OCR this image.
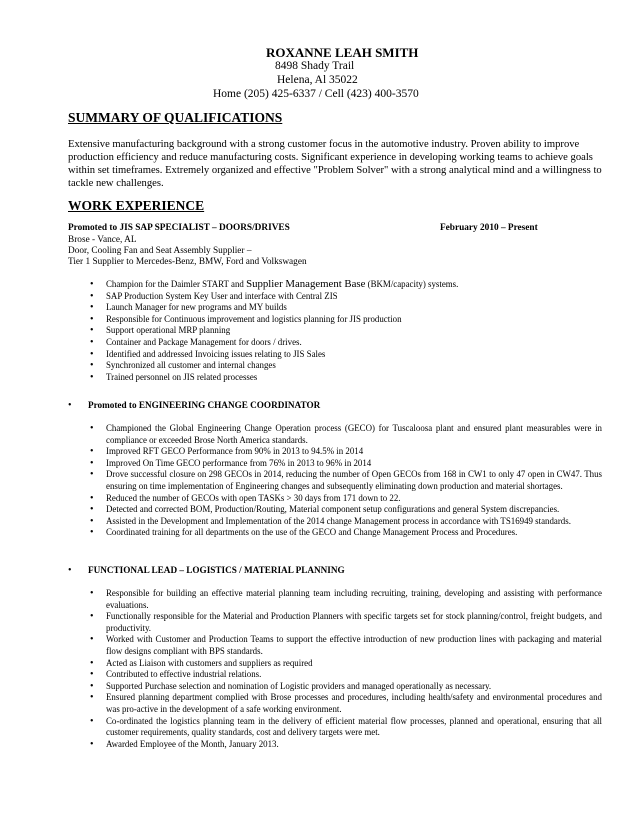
ROXANNE LEAH SMITH
8498 Shady Trail
Helena, Al 35022
Home (205) 425-6337 / Cell (423) 400-3570
SUMMARY OF QUALIFICATIONS
Extensive manufacturing background with a strong customer focus in the automotive industry. Proven ability to improve production efficiency and reduce manufacturing costs. Significant experience in developing working teams to achieve goals within set timeframes. Extremely organized and effective "Problem Solver" with a strong analytical mind and a willingness to tackle new challenges.
WORK EXPERIENCE
Promoted to JIS SAP SPECIALIST – DOORS/DRIVES	February 2010 – Present
Brose - Vance, AL
Door, Cooling Fan and Seat Assembly Supplier –
Tier 1 Supplier to Mercedes-Benz, BMW, Ford and Volkswagen
• Champion for the Daimler START and Supplier Management Base (BKM/capacity) systems.
• SAP Production System Key User and interface with Central ZIS
• Launch Manager for new programs and MY builds
• Responsible for Continuous improvement and logistics planning for JIS production
• Support operational MRP planning
• Container and Package Management for doors / drives.
• Identified and addressed Invoicing issues relating to JIS Sales
• Synchronized all customer and internal changes
• Trained personnel on JIS related processes
• Promoted to ENGINEERING CHANGE COORDINATOR
• Championed the Global Engineering Change Operation process (GECO) for Tuscaloosa plant and ensured plant measurables were in compliance or exceeded Brose North America standards.
• Improved RFT GECO Performance from 90% in 2013 to 94.5% in 2014
• Improved On Time GECO performance from 76% in 2013 to 96% in 2014
• Drove successful closure on 298 GECOs in 2014, reducing the number of Open GECOs from 168 in CW1 to only 47 open in CW47. Thus ensuring on time implementation of Engineering changes and subsequently eliminating down production and material shortages.
• Reduced the number of GECOs with open TASKs > 30 days from 171 down to 22.
• Detected and corrected BOM, Production/Routing, Material component setup configurations and general System discrepancies.
• Assisted in the Development and Implementation of the 2014 change Management process in accordance with TS16949 standards.
• Coordinated training for all departments on the use of the GECO and Change Management Process and Procedures.
• FUNCTIONAL LEAD – LOGISTICS / MATERIAL PLANNING
• Responsible for building an effective material planning team including recruiting, training, developing and assisting with performance evaluations.
• Functionally responsible for the Material and Production Planners with specific targets set for stock planning/control, freight budgets, and productivity.
• Worked with Customer and Production Teams to support the effective introduction of new production lines with packaging and material flow designs compliant with BPS standards.
• Acted as Liaison with customers and suppliers as required
• Contributed to effective industrial relations.
• Supported Purchase selection and nomination of Logistic providers and managed operationally as necessary.
• Ensured planning department complied with Brose processes and procedures, including health/safety and environmental procedures and was pro-active in the development of a safe working environment.
• Co-ordinated the logistics planning team in the delivery of efficient material flow processes, planned and operational, ensuring that all customer requirements, quality standards, cost and delivery targets were met.
• Awarded Employee of the Month, January 2013.
